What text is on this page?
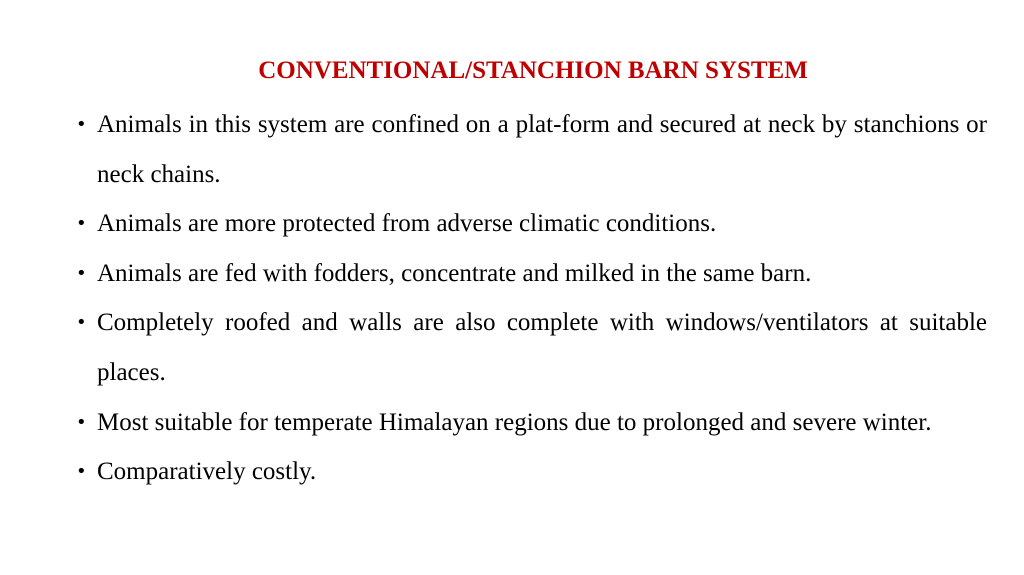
CONVENTIONAL/STANCHION BARN SYSTEM
• Animals in this system are confined on a plat-form and secured at neck by stanchions or neck chains.
• Animals are more protected from adverse climatic conditions.
• Animals are fed with fodders, concentrate and milked in the same barn.
• Completely roofed and walls are also complete with windows/ventilators at suitable places.
• Most suitable for temperate Himalayan regions due to prolonged and severe winter.
• Comparatively costly.
